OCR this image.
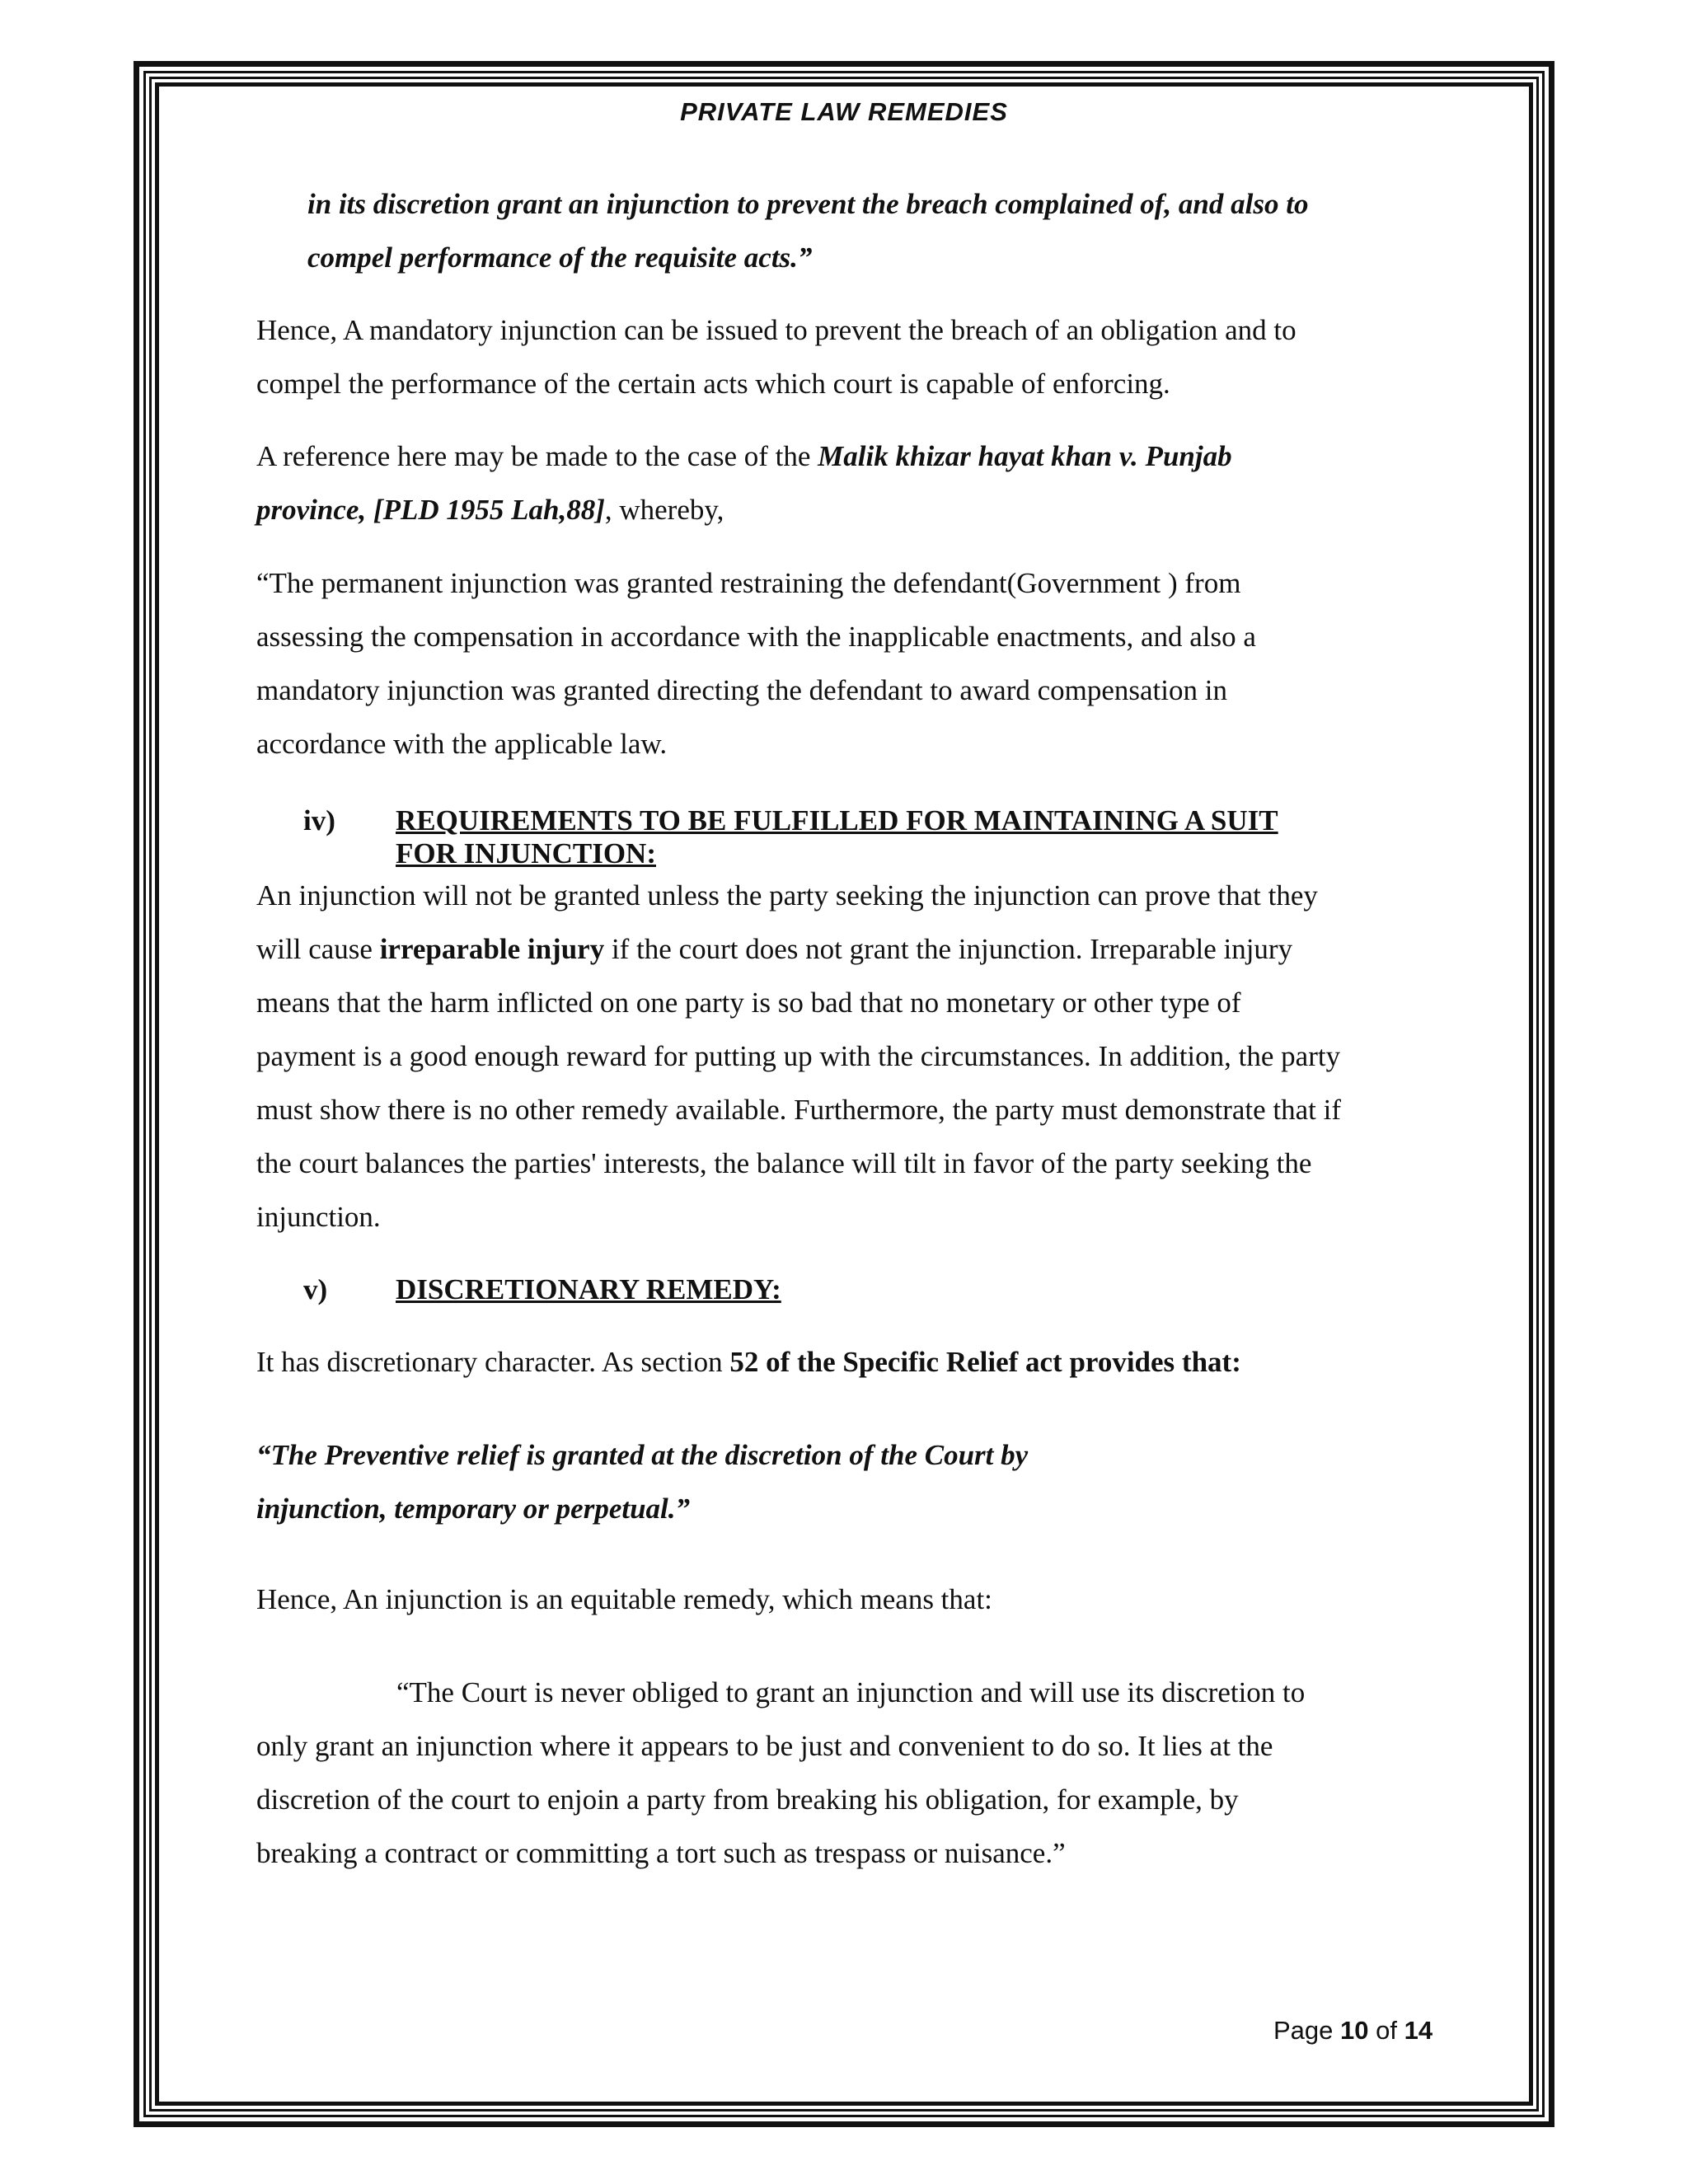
PRIVATE LAW REMEDIES
in its discretion grant an injunction to prevent the breach complained of, and also to
compel performance of the requisite acts.”
Hence, A mandatory injunction can be issued to prevent the breach of an obligation and to
compel the performance of the certain acts which court is capable of enforcing.
A reference here may be made to the case of the Malik khizar hayat khan v. Punjab
province, [PLD 1955 Lah,88], whereby,
“The permanent injunction was granted restraining the defendant(Government ) from
assessing the compensation in accordance with the inapplicable enactments, and also a
mandatory injunction was granted directing the defendant to award compensation in
accordance with the applicable law.
iv) REQUIREMENTS TO BE FULFILLED FOR MAINTAINING A SUIT
FOR INJUNCTION:
An injunction will not be granted unless the party seeking the injunction can prove that they
will cause irreparable injury if the court does not grant the injunction. Irreparable injury
means that the harm inflicted on one party is so bad that no monetary or other type of
payment is a good enough reward for putting up with the circumstances. In addition, the party
must show there is no other remedy available. Furthermore, the party must demonstrate that if
the court balances the parties' interests, the balance will tilt in favor of the party seeking the
injunction.
v) DISCRETIONARY REMEDY:
It has discretionary character. As section 52 of the Specific Relief act provides that:
“The Preventive relief is granted at the discretion of the Court by
injunction, temporary or perpetual.”
Hence, An injunction is an equitable remedy, which means that:
“The Court is never obliged to grant an injunction and will use its discretion to
only grant an injunction where it appears to be just and convenient to do so. It lies at the
discretion of the court to enjoin a party from breaking his obligation, for example, by
breaking a contract or committing a tort such as trespass or nuisance.”
Page 10 of 14
